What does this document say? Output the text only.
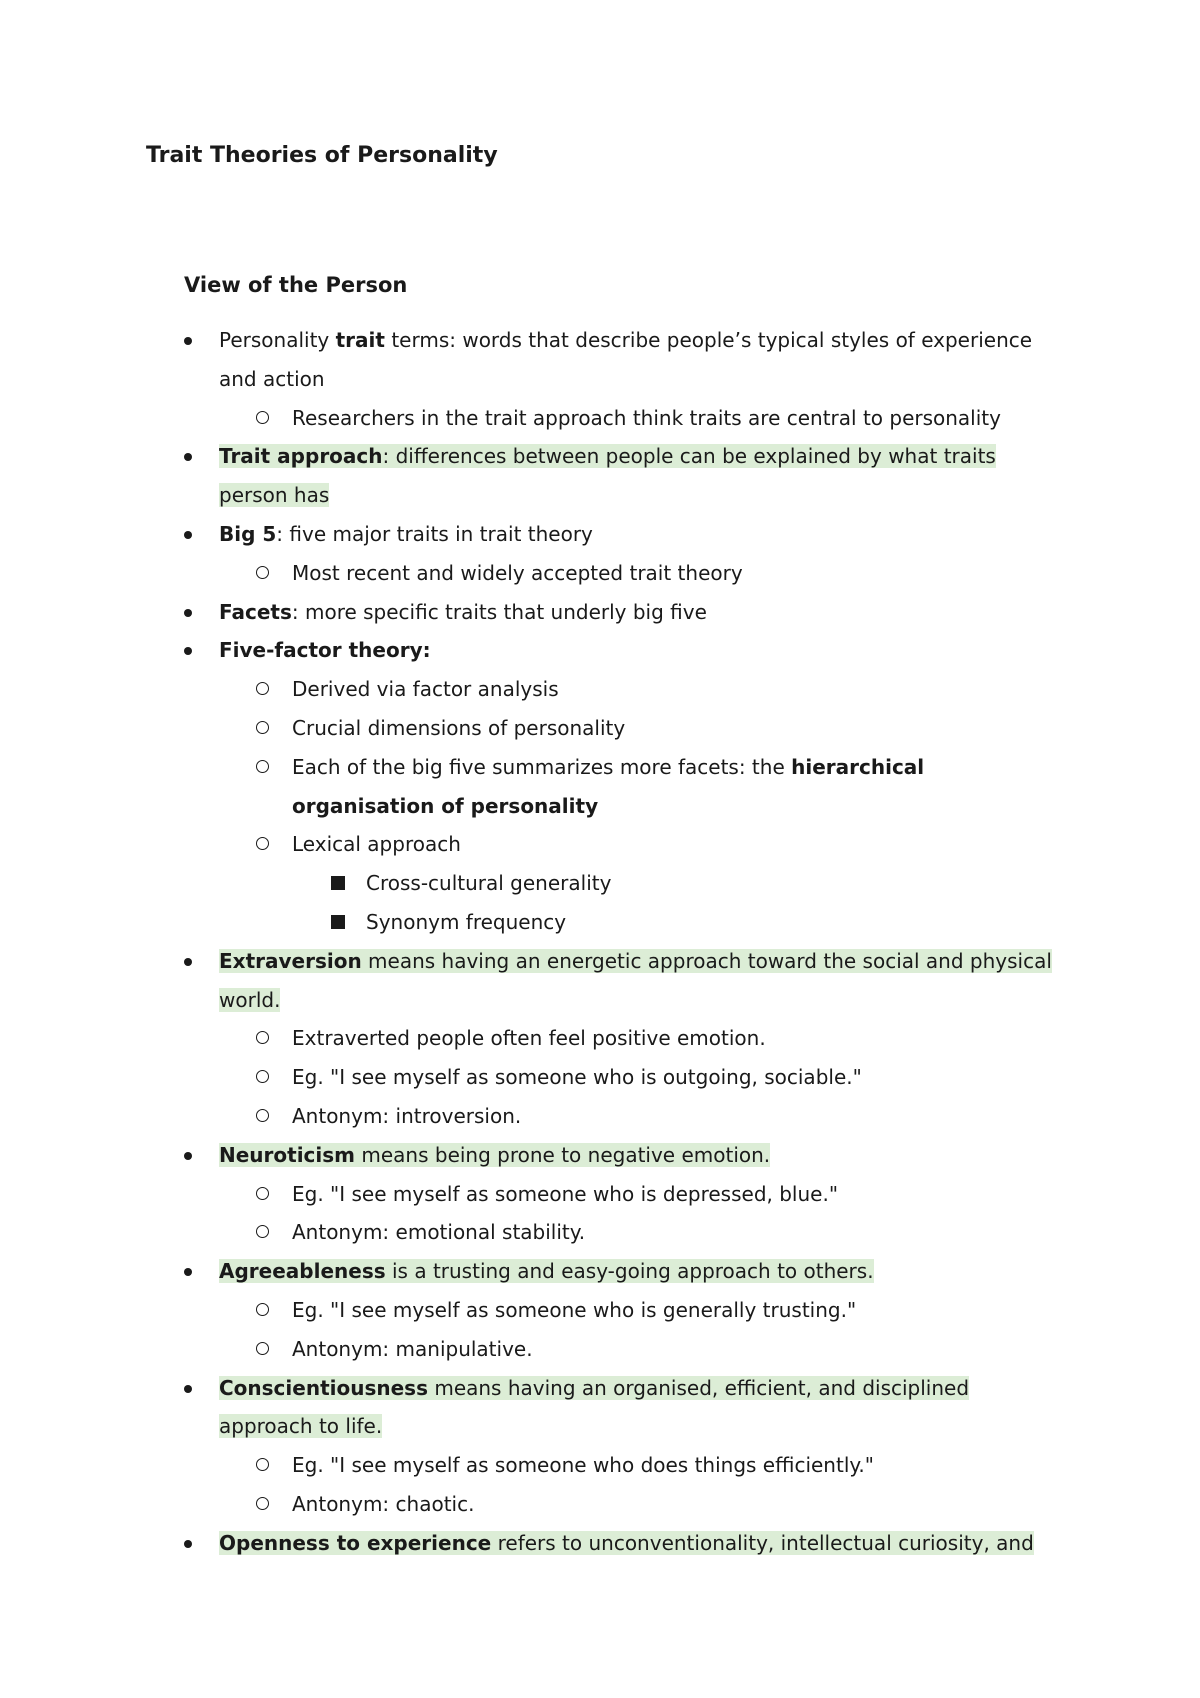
Trait Theories of Personality
View of the Person
Personality trait terms: words that describe people’s typical styles of experience and action
Researchers in the trait approach think traits are central to personality
Trait approach: differences between people can be explained by what traits person has
Big 5: five major traits in trait theory
Most recent and widely accepted trait theory
Facets: more specific traits that underly big five
Five-factor theory:
Derived via factor analysis
Crucial dimensions of personality
Each of the big five summarizes more facets: the hierarchical organisation of personality
Lexical approach
Cross-cultural generality
Synonym frequency
Extraversion means having an energetic approach toward the social and physical world.
Extraverted people often feel positive emotion.
Eg. "I see myself as someone who is outgoing, sociable."
Antonym: introversion.
Neuroticism means being prone to negative emotion.
Eg. "I see myself as someone who is depressed, blue."
Antonym: emotional stability.
Agreeableness is a trusting and easy-going approach to others.
Eg. "I see myself as someone who is generally trusting."
Antonym: manipulative.
Conscientiousness means having an organised, efficient, and disciplined approach to life.
Eg. "I see myself as someone who does things efficiently."
Antonym: chaotic.
Openness to experience refers to unconventionality, intellectual curiosity, and
